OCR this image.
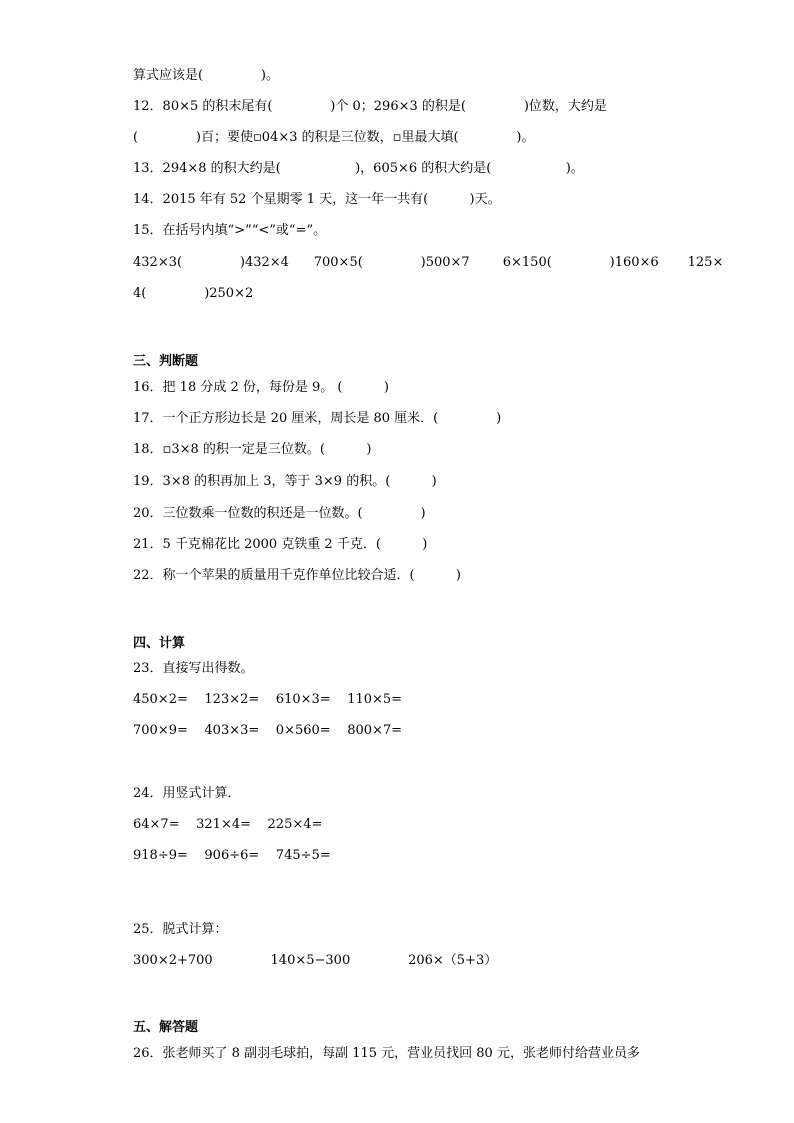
算式应该是(              )。
12．80×5 的积末尾有(              )个 0；296×3 的积是(              )位数，大约是
(              )百；要使▫04×3 的积是三位数，▫里最大填(              )。
13．294×8 的积大约是(                  )，605×6 的积大约是(                  )。
14．2015 年有 52 个星期零 1 天，这一年一共有(          )天。
15．在括号内填“>”“<”或“=”。
432×3(              )432×4      700×5(              )500×7        6×150(              )160×6       125×
4(              )250×2
三、判断题
16．把 18 分成 2 份，每份是 9。 (          )
17．一个正方形边长是 20 厘米，周长是 80 厘米．(              )
18．▫3×8 的积一定是三位数。(          )
19．3×8 的积再加上 3，等于 3×9 的积。(          )
20．三位数乘一位数的积还是一位数。(              )
21．5 千克棉花比 2000 克铁重 2 千克．(          )
22．称一个苹果的质量用千克作单位比较合适．(          )
四、计算
23．直接写出得数。
450×2=    123×2=    610×3=    110×5=
700×9=    403×3=    0×560=    800×7=
24．用竖式计算．
64×7=    321×4=    225×4=
918÷9=    906÷6=    745÷5=
25．脱式计算：
300×2+700              140×5−300              206×（5+3）
五、解答题
26．张老师买了 8 副羽毛球拍，每副 115 元，营业员找回 80 元，张老师付给营业员多
